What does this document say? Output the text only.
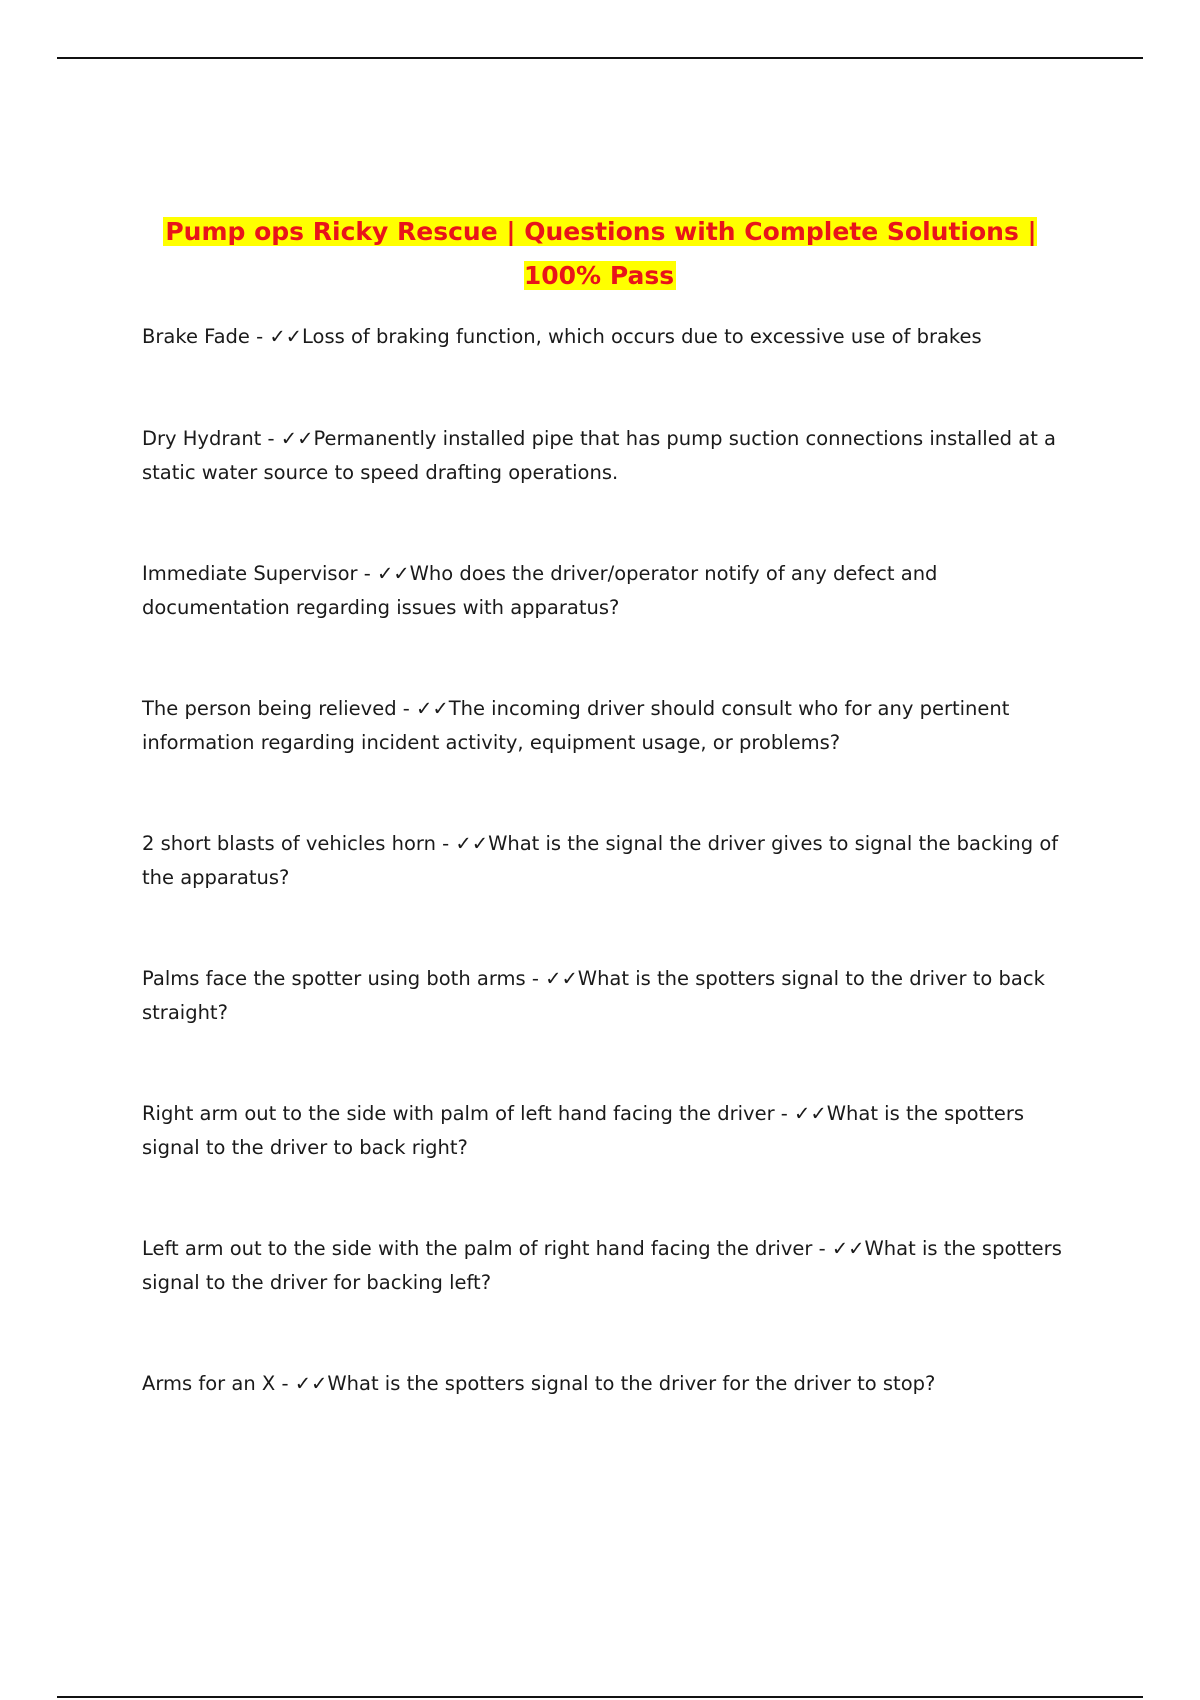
Pump ops Ricky Rescue | Questions with Complete Solutions | 100% Pass

Brake Fade - ✓✓Loss of braking function, which occurs due to excessive use of brakes

Dry Hydrant - ✓✓Permanently installed pipe that has pump suction connections installed at a static water source to speed drafting operations.

Immediate Supervisor - ✓✓Who does the driver/operator notify of any defect and documentation regarding issues with apparatus?

The person being relieved - ✓✓The incoming driver should consult who for any pertinent information regarding incident activity, equipment usage, or problems?

2 short blasts of vehicles horn - ✓✓What is the signal the driver gives to signal the backing of the apparatus?

Palms face the spotter using both arms - ✓✓What is the spotters signal to the driver to back straight?

Right arm out to the side with palm of left hand facing the driver - ✓✓What is the spotters signal to the driver to back right?

Left arm out to the side with the palm of right hand facing the driver - ✓✓What is the spotters signal to the driver for backing left?

Arms for an X - ✓✓What is the spotters signal to the driver for the driver to stop?
